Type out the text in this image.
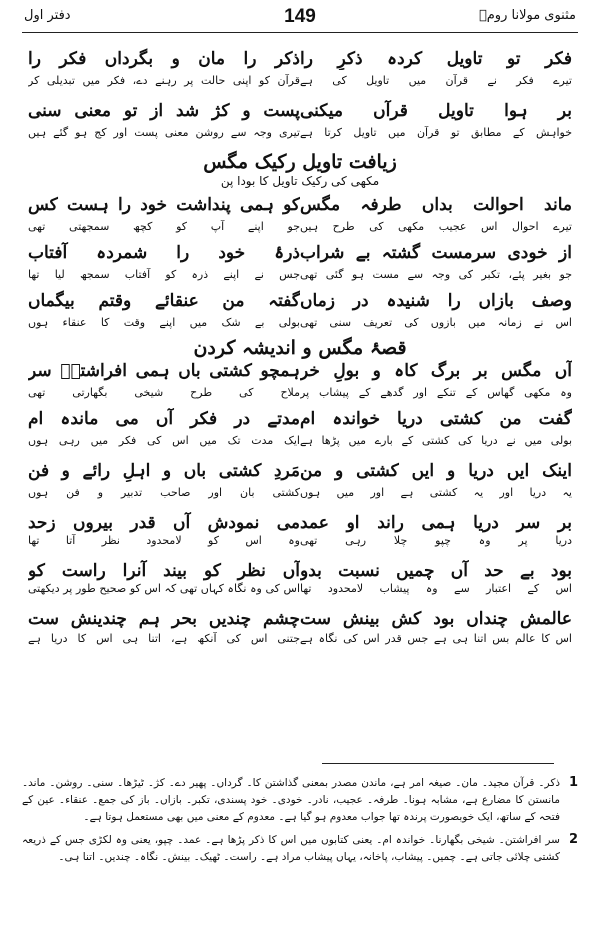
مثنوی مولانا رومؒ
149
دفتر اول
فکر تو تاویل کردہ ذکرِ را
ذکر را مان و بگرداں فکر را
تیرے فکر نے قرآن میں تاویل کی ہے
قرآن کو اپنی حالت پر رہنے دے، فکر میں تبدیلی کر
بر ہوا تاویل قرآں میکنی
پست و کژ شد از تو معنی سنی
خواہش کے مطابق تو قرآن میں تاویل کرتا ہے
تیری وجہ سے روشن معنی پست اور کج ہو گئے ہیں
زیافت تاویل رکیک مگس
مکھی کی رکیک تاویل کا بودا پن
ماند احوالت بداں طرفہ مگس
کو ہمی پنداشت خود را ہست کس
تیرے احوال اس عجیب مکھی کی طرح ہیں
جو اپنے آپ کو کچھ سمجھتی تھی
از خودی سرمست گشتہ بے شراب
ذرۂ خود را شمردہ آفتاب
جو بغیر پئے، تکبر کی وجہ سے مست ہو گئی تھی
جس نے اپنے ذرہ کو آفتاب سمجھ لیا تھا
وصف بازاں را شنیدہ در زماں
گفتہ من عنقائے وقتم بیگماں
اس نے زمانہ میں بازوں کی تعریف سنی تھی
بولی بے شک میں اپنے وقت کا عنقاء ہوں
قصۂ مگس و اندیشہ کردن
آں مگس بر برگ کاہ و بولِ خر
ہمچو کشتی باں ہمی افراشتےؔ سر
وہ مکھی گھاس کے تنکے اور گدھے کے پیشاب پر
ملاح کی طرح شیخی بگھارتی تھی
گفت من کشتی دریا خواندہ ام
مدتے در فکر آں می ماندہ ام
بولی میں نے دریا کی کشتی کے بارے میں پڑھا ہے
ایک مدت تک میں اس کی فکر میں رہی ہوں
اینک ایں دریا و ایں کشتی و من
مَردِ کشتی باں و اہلِ رائے و فن
یہ دریا اور یہ کشتی ہے اور میں ہوں
کشتی بان اور صاحب تدبیر و فن ہوں
بر سر دریا ہمی راند او عمد
می نمودش آں قدر بیروں زحد
دریا پر وہ چپو چلا رہی تھی
وہ اس کو لامحدود نظر آتا تھا
بود بے حد آں چمیں نسبت بدو
آں نظر کو بیند آنرا راست کو
اس کے اعتبار سے وہ پیشاب لامحدود تھا
اس کی وہ نگاہ کہاں تھی کہ اس کو صحیح طور پر دیکھتی
عالمش چنداں بود کش بینش ست
چشم چندیں بحر ہم چندینش ست
اس کا عالم بس اتنا ہی ہے جس قدر اس کی نگاہ ہے
جتنی اس کی آنکھ ہے، اتنا ہی اس کا دریا ہے
1
ذکر۔ قرآن مجید۔ مان۔ صیغہ امر ہے، ماندن مصدر بمعنی گذاشتن کا۔ گرداں۔ پھیر دے۔ کژ۔ ٹیڑھا۔ سنی۔ روشن۔ ماند۔ مانستن کا مضارع ہے، مشابہ ہونا۔ طرفہ۔ عجیب، نادر۔ خودی۔ خود پسندی، تکبر۔ بازاں۔ باز کی جمع۔ عنقاء۔ عین کے فتحہ کے ساتھ، ایک خوبصورت پرندہ تھا جواب معدوم ہو گیا ہے۔ معدوم کے معنی میں بھی مستعمل ہوتا ہے۔
2
سر افراشتن۔ شیخی بگھارنا۔ خواندہ ام۔ یعنی کتابوں میں اس کا ذکر پڑھا ہے۔ عمد۔ چپو، یعنی وہ لکڑی جس کے ذریعہ کشتی چلائی جاتی ہے۔ چمیں۔ پیشاب، پاخانہ، یہاں پیشاب مراد ہے۔ راست۔ ٹھیک۔ بینش۔ نگاہ۔ چندیں۔ اتنا ہی۔
